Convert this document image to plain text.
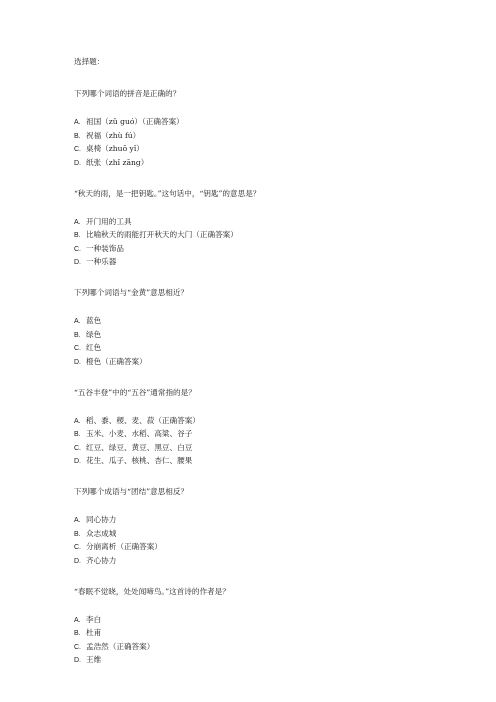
选择题：
下列哪个词语的拼音是正确的？
A. 祖国（zǔ guó）（正确答案）
B. 祝福（zhù fú）
C. 桌椅（zhuō yǐ）
D. 纸张（zhǐ zāng）
“秋天的雨，是一把钥匙。”这句话中，“钥匙”的意思是？
A. 开门用的工具
B. 比喻秋天的雨能打开秋天的大门（正确答案）
C. 一种装饰品
D. 一种乐器
下列哪个词语与“金黄”意思相近？
A. 蓝色
B. 绿色
C. 红色
D. 橙色（正确答案）
“五谷丰登”中的“五谷”通常指的是？
A. 稻、黍、稷、麦、菽（正确答案）
B. 玉米、小麦、水稻、高粱、谷子
C. 红豆、绿豆、黄豆、黑豆、白豆
D. 花生、瓜子、核桃、杏仁、腰果
下列哪个成语与“团结”意思相反？
A. 同心协力
B. 众志成城
C. 分崩离析（正确答案）
D. 齐心协力
“春眠不觉晓，处处闻啼鸟。”这首诗的作者是？
A. 李白
B. 杜甫
C. 孟浩然（正确答案）
D. 王维
